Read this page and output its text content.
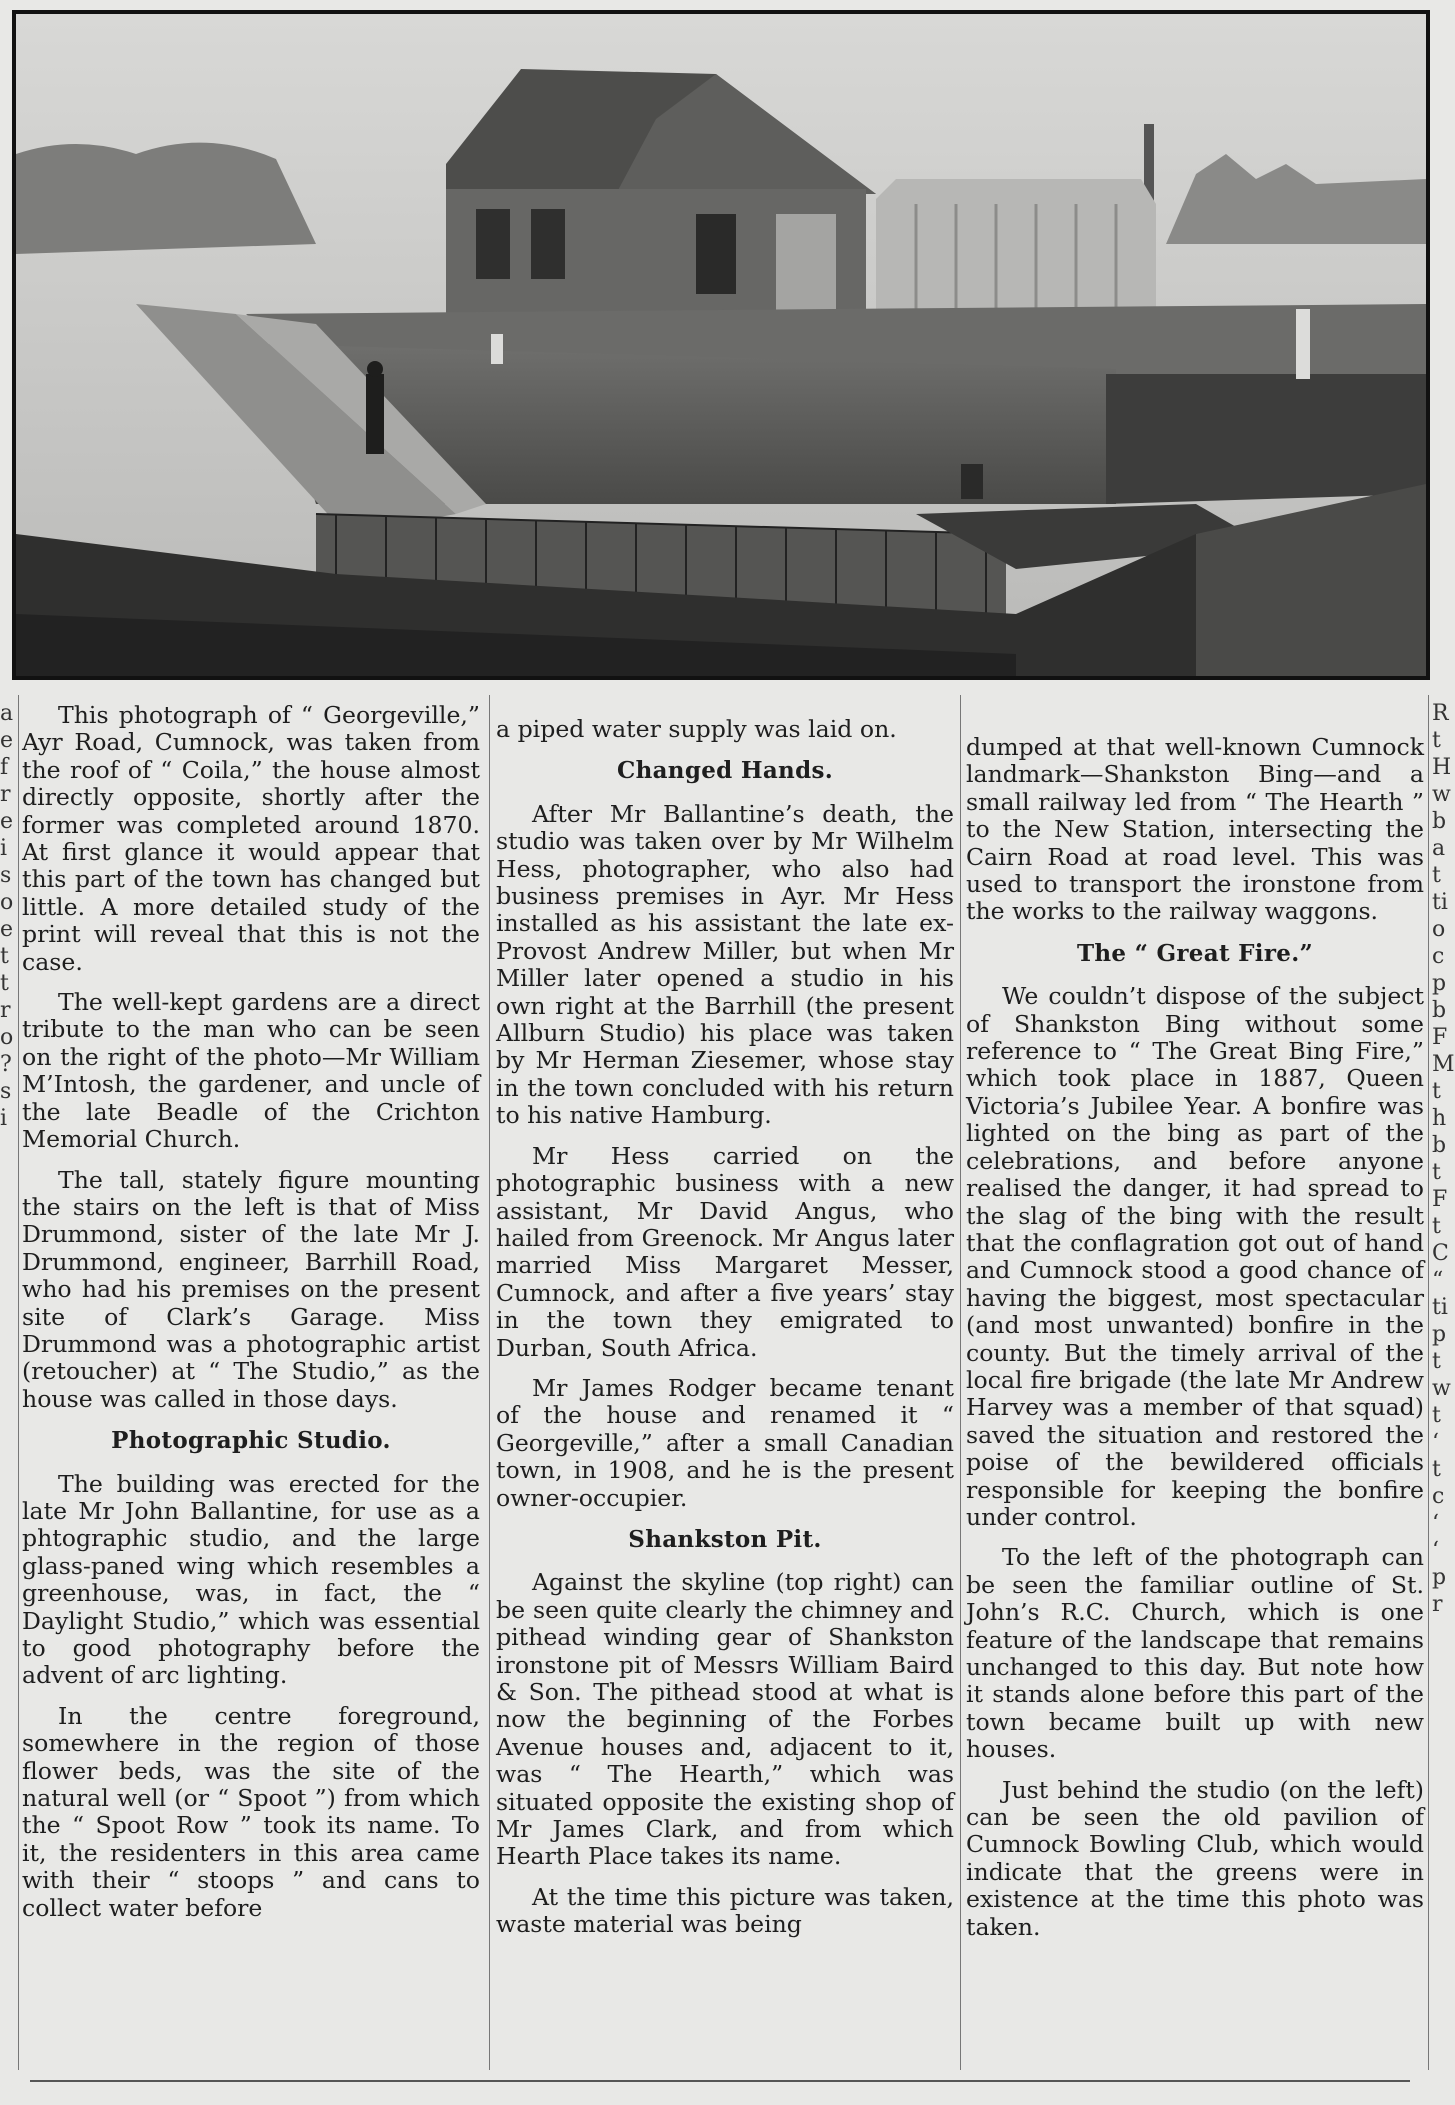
a
e
f
r
e
i
s
o
e
t
t
r
o
?
s
i
R
t
H
w
b
a
t
ti
o
c
p
b
F
M
t
h
b
t
F
t
C
“
ti
p
t
w
t
‘
t
c
‘
‘
p
r

This photograph of “ Georgeville,” Ayr Road, Cumnock, was taken from the roof of “ Coila,” the house almost directly opposite, shortly after the former was completed around 1870. At first glance it would appear that this part of the town has changed but little. A more detailed study of the print will reveal that this is not the case.

The well-kept gardens are a direct tribute to the man who can be seen on the right of the photo—Mr William M’Intosh, the gardener, and uncle of the late Beadle of the Crichton Memorial Church.

The tall, stately figure mounting the stairs on the left is that of Miss Drummond, sister of the late Mr J. Drummond, engineer, Barrhill Road, who had his premises on the present site of Clark’s Garage. Miss Drummond was a photographic artist (retoucher) at “ The Studio,” as the house was called in those days.

Photographic Studio.

The building was erected for the late Mr John Ballantine, for use as a phtographic studio, and the large glass-paned wing which resembles a greenhouse, was, in fact, the “ Daylight Studio,” which was essential to good photography before the advent of arc lighting.

In the centre foreground, somewhere in the region of those flower beds, was the site of the natural well (or “ Spoot ”) from which the “ Spoot Row ” took its name. To it, the residenters in this area came with their “ stoops ” and cans to collect water before

a piped water supply was laid on.

Changed Hands.

After Mr Ballantine’s death, the studio was taken over by Mr Wilhelm Hess, photographer, who also had business premises in Ayr. Mr Hess installed as his assistant the late ex-Provost Andrew Miller, but when Mr Miller later opened a studio in his own right at the Barrhill (the present Allburn Studio) his place was taken by Mr Herman Ziesemer, whose stay in the town concluded with his return to his native Hamburg.

Mr Hess carried on the photographic business with a new assistant, Mr David Angus, who hailed from Greenock. Mr Angus later married Miss Margaret Messer, Cumnock, and after a five years’ stay in the town they emigrated to Durban, South Africa.

Mr James Rodger became tenant of the house and renamed it “ Georgeville,” after a small Canadian town, in 1908, and he is the present owner-occupier.

Shankston Pit.

Against the skyline (top right) can be seen quite clearly the chimney and pithead winding gear of Shankston ironstone pit of Messrs William Baird & Son. The pithead stood at what is now the beginning of the Forbes Avenue houses and, adjacent to it, was “ The Hearth,” which was situated opposite the existing shop of Mr James Clark, and from which Hearth Place takes its name.

At the time this picture was taken, waste material was being

dumped at that well-known Cumnock landmark—Shankston Bing—and a small railway led from “ The Hearth ” to the New Station, intersecting the Cairn Road at road level. This was used to transport the ironstone from the works to the railway waggons.

The “ Great Fire.”

We couldn’t dispose of the subject of Shankston Bing without some reference to “ The Great Bing Fire,” which took place in 1887, Queen Victoria’s Jubilee Year. A bonfire was lighted on the bing as part of the celebrations, and before anyone realised the danger, it had spread to the slag of the bing with the result that the conflagration got out of hand and Cumnock stood a good chance of having the biggest, most spectacular (and most unwanted) bonfire in the county. But the timely arrival of the local fire brigade (the late Mr Andrew Harvey was a member of that squad) saved the situation and restored the poise of the bewildered officials responsible for keeping the bonfire under control.

To the left of the photograph can be seen the familiar outline of St. John’s R.C. Church, which is one feature of the landscape that remains unchanged to this day. But note how it stands alone before this part of the town became built up with new houses.

Just behind the studio (on the left) can be seen the old pavilion of Cumnock Bowling Club, which would indicate that the greens were in existence at the time this photo was taken.
